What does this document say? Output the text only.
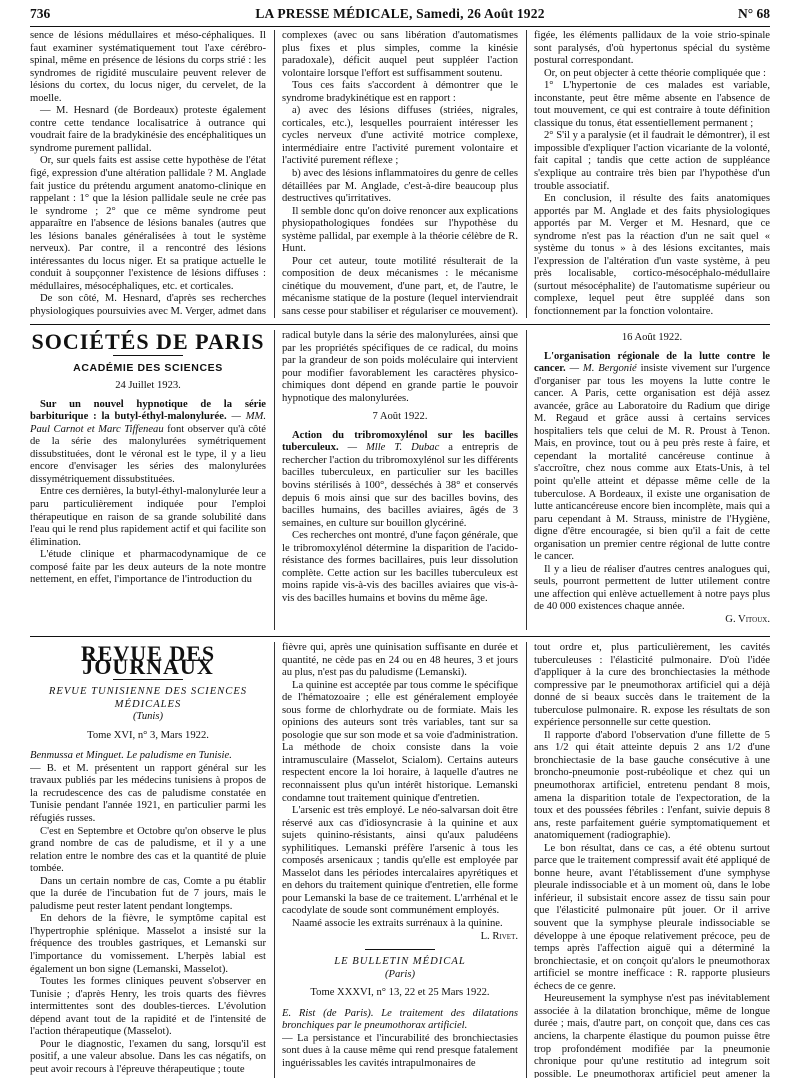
736	LA PRESSE MÉDICALE, Samedi, 26 Août 1922	N° 68

sence de lésions médullaires et méso-céphaliques. Il faut examiner systématiquement tout l'axe cérébro-spinal, même en présence de lésions du corps strié : les syndromes de rigidité musculaire peuvent relever de lésions du cortex, du locus niger, du cervelet, de la moelle.

— M. Hesnard (de Bordeaux) proteste également contre cette tendance localisatrice à outrance qui voudrait faire de la bradykinésie des encéphalitiques un syndrome purement pallidal.

Or, sur quels faits est assise cette hypothèse de l'état figé, expression d'une altération pallidale ? M. Anglade fait justice du prétendu argument anatomo-clinique en rappelant : 1° que la lésion pallidale seule ne crée pas le syndrome ; 2° que ce même syndrome peut apparaître en l'absence de lésions banales (autres que les lésions banales généralisées à tout le système nerveux). Par contre, il a rencontré des lésions intéressantes du locus niger. Et sa pratique actuelle le conduit à soupçonner l'existence de lésions diffuses : médullaires, mésocéphaliques, etc. et corticales.

De son côté, M. Hesnard, d'après ses recherches physiologiques poursuivies avec M. Verger, admet dans

complexes (avec ou sans libération d'automatismes plus fixes et plus simples, comme la kinésie paradoxale), déficit auquel peut suppléer l'action volontaire lorsque l'effort est suffisamment soutenu.

Tous ces faits s'accordent à démontrer que le syndrome bradykinétique est en rapport :

a) avec des lésions diffuses (striées, nigrales, corticales, etc.), lesquelles pourraient intéresser les cycles nerveux d'une activité motrice complexe, intermédiaire entre l'activité purement volontaire et l'activité purement réflexe ;

b) avec des lésions inflammatoires du genre de celles détaillées par M. Anglade, c'est-à-dire beaucoup plus destructives qu'irritatives.

Il semble donc qu'on doive renoncer aux explications physiopathologiques fondées sur l'hypothèse du système pallidal, par exemple à la théorie célèbre de R. Hunt.

Pour cet auteur, toute motilité résulterait de la composition de deux mécanismes : le mécanisme cinétique du mouvement, d'une part, et, de l'autre, le mécanisme statique de la posture (lequel interviendrait sans cesse pour stabiliser et régulariser ce mouvement).

figée, les éléments pallidaux de la voie strio-spinale sont paralysés, d'où hypertonus spécial du système postural correspondant.

Or, on peut objecter à cette théorie compliquée que :

1° L'hypertonie de ces malades est variable, inconstante, peut être même absente en l'absence de tout mouvement, ce qui est contraire à toute définition classique du tonus, état essentiellement permanent ;

2° S'il y a paralysie (et il faudrait le démontrer), il est impossible d'expliquer l'action vicariante de la volonté, fait capital ; tandis que cette action de suppléance s'explique au contraire très bien par l'hypothèse d'un trouble associatif.

En conclusion, il résulte des faits anatomiques apportés par M. Anglade et des faits physiologiques apportés par M. Verger et M. Hesnard, que ce syndrome n'est pas la réaction d'un ne sait quel « système du tonus » à des lésions excitantes, mais l'expression de l'altération d'un vaste système, à peu près localisable, cortico-mésocéphalo-médullaire (surtout mésocéphalite) de l'automatisme supérieur ou complexe, lequel peut être suppléé dans son fonctionnement par la fonction volontaire.

SOCIÉTÉS DE PARIS
ACADÉMIE DES SCIENCES
24 Juillet 1923.

Sur un nouvel hypnotique de la série barbiturique : la butyl-éthyl-malonylurée. — MM. Paul Carnot et Marc Tiffeneau font observer qu'à côté de la série des malonylurées symétriquement dissubstituées, dont le véronal est le type, il y a lieu encore d'envisager les séries des malonylurées dissymétriquement dissubstituées.

Entre ces dernières, la butyl-éthyl-malonylurée leur a paru particulièrement indiquée pour l'emploi thérapeutique en raison de sa grande solubilité dans l'eau qui le rend plus rapidement actif et qui facilite son élimination.

L'étude clinique et pharmacodynamique de ce composé faite par les deux auteurs de la note montre nettement, en effet, l'importance de l'introduction du

radical butyle dans la série des malonylurées, ainsi que par les propriétés spécifiques de ce radical, du moins par la grandeur de son poids moléculaire qui intervient pour modifier favorablement les caractères physico-chimiques dont dépend en grande partie le pouvoir hypnotique des malonylurées.

7 Août 1922.

Action du tribromoxylénol sur les bacilles tuberculeux. — Mlle T. Dubac a entrepris de rechercher l'action du tribromoxylénol sur les différents bacilles tuberculeux, en particulier sur les bacilles bovins stérilisés à 100°, desséchés à 38° et conservés depuis 6 mois ainsi que sur des bacilles bovins, des bacilles humains, des bacilles aviaires, âgés de 3 semaines, en culture sur bouillon glycériné.

Ces recherches ont montré, d'une façon générale, que le tribromoxylénol détermine la disparition de l'acido-résistance des formes bacillaires, puis leur dissolution complète. Cette action sur les bacilles tuberculeux est moins rapide vis-à-vis des bacilles aviaires que vis-à-vis des bacilles humains et bovins du même âge.

16 Août 1922.

L'organisation régionale de la lutte contre le cancer. — M. Bergonié insiste vivement sur l'urgence d'organiser par tous les moyens la lutte contre le cancer. A Paris, cette organisation est déjà assez avancée, grâce au Laboratoire du Radium que dirige M. Regaud et grâce aussi à certains services hospitaliers tels que celui de M. R. Proust à Tenon. Mais, en province, tout ou à peu près reste à faire, et cependant la mortalité cancéreuse continue à s'accroître, chez nous comme aux Etats-Unis, à tel point qu'elle atteint et dépasse même celle de la tuberculose. A Bordeaux, il existe une organisation de lutte anticancéreuse encore bien incomplète, mais qui a paru cependant à M. Strauss, ministre de l'Hygiène, digne d'être encouragée, si bien qu'il a fait de cette organisation un premier centre régional de lutte contre le cancer.

Il y a lieu de réaliser d'autres centres analogues qui, seuls, pourront permettent de lutter utilement contre une affection qui enlève actuellement à notre pays plus de 40 000 existences chaque année.

G. Vitoux.

REVUE DES JOURNAUX
REVUE TUNISIENNE DES SCIENCES MÉDICALES
(Tunis)
Tome XVI, n° 3, Mars 1922.

Benmussa et Minguet. Le paludisme en Tunisie.

— B. et M. présentent un rapport général sur les travaux publiés par les médecins tunisiens à propos de la recrudescence des cas de paludisme constatée en Tunisie pendant l'année 1921, en particulier parmi les réfugiés russes.

C'est en Septembre et Octobre qu'on observe le plus grand nombre de cas de paludisme, et il y a une relation entre le nombre des cas et la quantité de pluie tombée.

Dans un certain nombre de cas, Comte a pu établir que la durée de l'incubation fut de 7 jours, mais le paludisme peut rester latent pendant longtemps.

En dehors de la fièvre, le symptôme capital est l'hypertrophie splénique. Masselot a insisté sur la fréquence des troubles gastriques, et Lemanski sur l'importance du vomissement. L'herpès labial est également un bon signe (Lemanski, Masselot).

Toutes les formes cliniques peuvent s'observer en Tunisie ; d'après Henry, les trois quarts des fièvres intermittentes sont des doubles-tierces. L'évolution dépend avant tout de la rapidité et de l'intensité de l'action thérapeutique (Masselot).

Pour le diagnostic, l'examen du sang, lorsqu'il est positif, a une valeur absolue. Dans les cas négatifs, on peut avoir recours à l'épreuve thérapeutique ; toute

fièvre qui, après une quinisation suffisante en durée et quantité, ne cède pas en 24 ou en 48 heures, 3 et jours au plus, n'est pas du paludisme (Lemanski).

La quinine est acceptée par tous comme le spécifique de l'hématozoaire ; elle est généralement employée sous forme de chlorhydrate ou de formiate. Mais les opinions des auteurs sont très variables, tant sur sa posologie que sur son mode et sa voie d'administration. La méthode de choix consiste dans la voie intramusculaire (Masselot, Scialom). Certains auteurs respectent encore la loi horaire, à laquelle d'autres ne reconnaissent plus qu'un intérêt historique. Lemanski condamne tout traitement quinique d'entretien.

L'arsenic est très employé. Le néo-salvarsan doit être réservé aux cas d'idiosyncrasie à la quinine et aux sujets quinino-résistants, ainsi qu'aux paludéens syphilitiques. Lemanski préfère l'arsenic à tous les composés arsenicaux ; tandis qu'elle est employée par Masselot dans les périodes intercalaires apyrétiques et en dehors du traitement quinique d'entretien, elle forme pour Lemanski la base de ce traitement. L'arrhénal et le cacodylate de soude sont communément employés.

Naamé associe les extraits surrénaux à la quinine.

L. Rivet.

LE BULLETIN MÉDICAL
(Paris)
Tome XXXVI, n° 13, 22 et 25 Mars 1922.

E. Rist (de Paris). Le traitement des dilatations bronchiques par le pneumothorax artificiel.

— La persistance et l'incurabilité des bronchiectasies sont dues à la cause même qui rend presque fatalement inguérissables les cavités intrapulmonaires de

tout ordre et, plus particulièrement, les cavités tuberculeuses : l'élasticité pulmonaire. D'où l'idée d'appliquer à la cure des bronchiectasies la méthode compressive par le pneumothorax artificiel qui a déjà donné de si beaux succès dans le traitement de la tuberculose pulmonaire. R. expose les résultats de son expérience personnelle sur cette question.

Il rapporte d'abord l'observation d'une fillette de 5 ans 1/2 qui était atteinte depuis 2 ans 1/2 d'une bronchiectasie de la base gauche consécutive à une broncho-pneumonie post-rubéolique et chez qui un pneumothorax artificiel, entretenu pendant 8 mois, amena la disparition totale de l'expectoration, de la toux et des poussées fébriles : l'enfant, suivie depuis 8 ans, reste parfaitement guérie symptomatiquement et anatomiquement (radiographie).

Le bon résultat, dans ce cas, a été obtenu surtout parce que le traitement compressif avait été appliqué de bonne heure, avant l'établissement d'une symphyse pleurale indissociable et à un moment où, dans le lobe inférieur, il subsistait encore assez de tissu sain pour que l'élasticité pulmonaire pût jouer. Or il arrive souvent que la symphyse pleurale indissociable se développe à une époque relativement précoce, peu de temps après l'affection aiguë qui a déterminé la bronchiectasie, et on conçoit qu'alors le pneumothorax artificiel se montre inefficace : R. rapporte plusieurs échecs de ce genre.

Heureusement la symphyse n'est pas inévitablement associée à la dilatation bronchique, même de longue durée ; mais, d'autre part, on conçoit que, dans ces cas anciens, la charpente élastique du poumon puisse être trop profondément modifiée par la pneumonie chronique pour qu'une restitutio ad integrum soit possible. Le pneumothorax artificiel peut amener la
